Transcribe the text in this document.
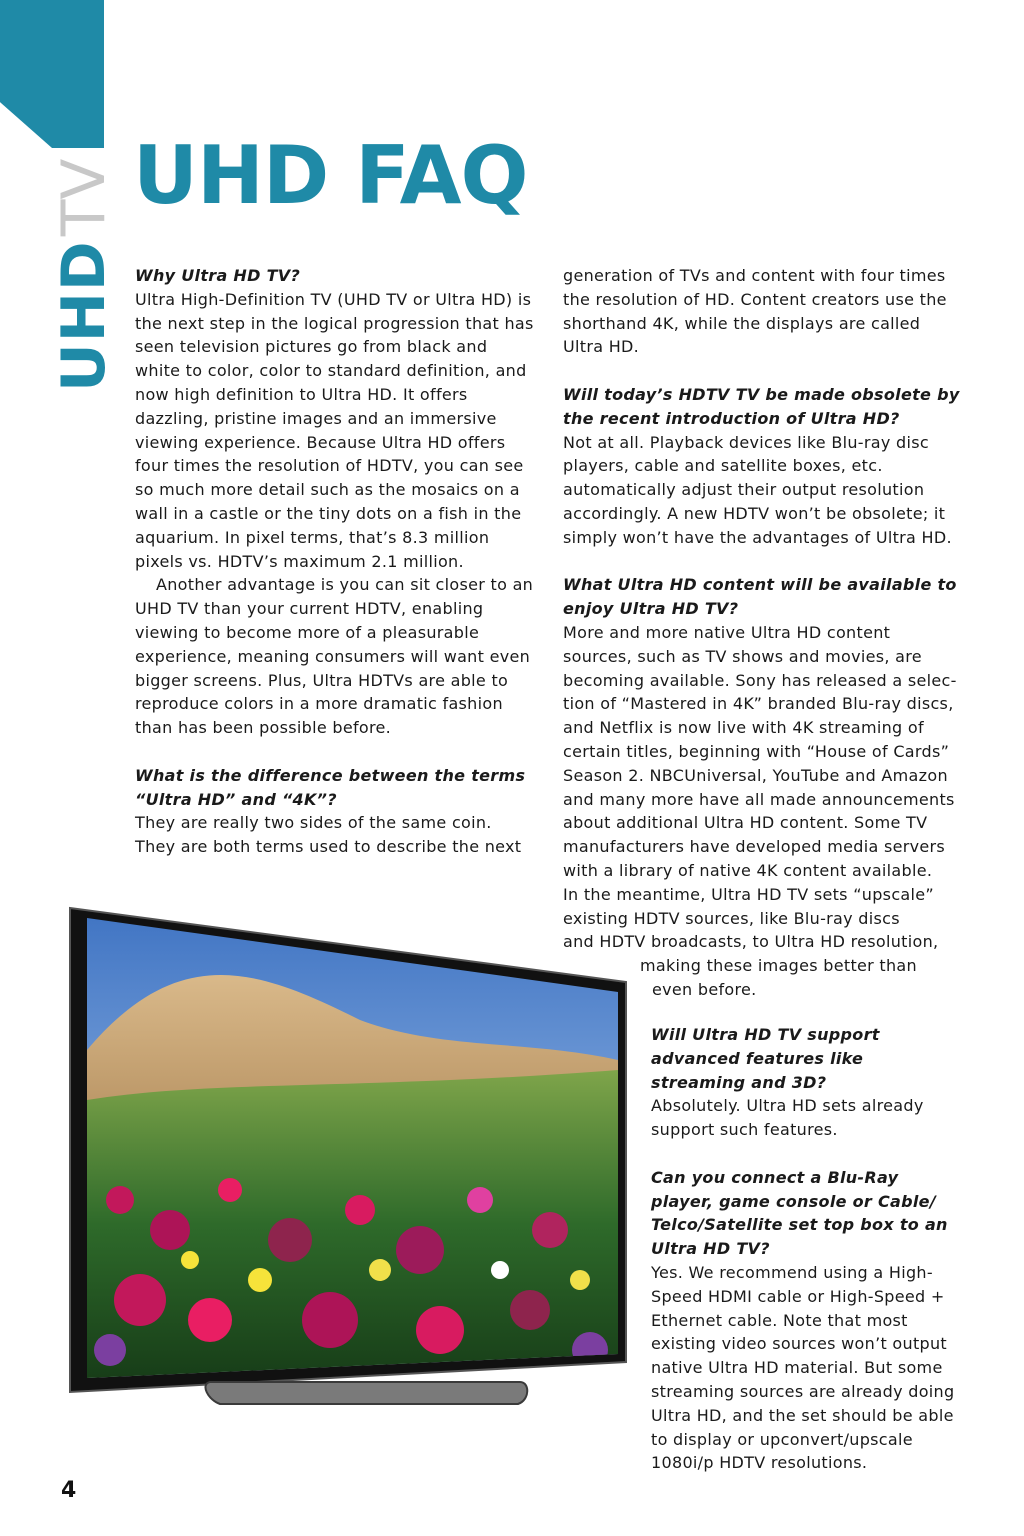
UHDTV UHD FAQ

Why Ultra HD TV?

Ultra High-Definition TV (UHD TV or Ultra HD) is the next step in the logical progression that has seen television pictures go from black and white to color, color to standard definition, and now high definition to Ultra HD. It offers dazzling, pristine images and an immersive viewing experience. Because Ultra HD offers four times the resolution of HDTV, you can see so much more detail such as the mosaics on a wall in a castle or the tiny dots on a fish in the aquarium. In pixel terms, that’s 8.3 million pixels vs. HDTV’s maximum 2.1 million.

Another advantage is you can sit closer to an UHD TV than your current HDTV, enabling viewing to become more of a pleasurable experience, meaning consumers will want even bigger screens. Plus, Ultra HDTVs are able to reproduce colors in a more dramatic fashion than has been possible before.

What is the difference between the terms “Ultra HD” and “4K”?

They are really two sides of the same coin. They are both terms used to describe the next

generation of TVs and content with four times the resolution of HD. Content creators use the shorthand 4K, while the displays are called Ultra HD.

Will today’s HDTV TV be made obsolete by the recent introduction of Ultra HD?

Not at all. Playback devices like Blu-ray disc players, cable and satellite boxes, etc. automatically adjust their output resolution accordingly. A new HDTV won’t be obsolete; it simply won’t have the advantages of Ultra HD.

What Ultra HD content will be available to enjoy Ultra HD TV?

More and more native Ultra HD content
sources, such as TV shows and movies, are
becoming available. Sony has released a selec-
tion of “Mastered in 4K” branded Blu-ray discs,
and Netflix is now live with 4K streaming of
certain titles, beginning with “House of Cards”
Season 2. NBCUniversal, YouTube and Amazon
and many more have all made announcements
about additional Ultra HD content. Some TV
manufacturers have developed media servers
with a library of native 4K content available.
In the meantime, Ultra HD TV sets “upscale”
existing HDTV sources, like Blu-ray discs
and HDTV broadcasts, to Ultra HD resolution,
making these images better than
even before.

Will Ultra HD TV support advanced features like streaming and 3D?

Absolutely. Ultra HD sets already support such features.

Can you connect a Blu-Ray player, game console or Cable/ Telco/Satellite set top box to an Ultra HD TV?

Yes. We recommend using a High-Speed HDMI cable or High-Speed + Ethernet cable. Note that most existing video sources won’t output native Ultra HD material. But some streaming sources are already doing Ultra HD, and the set should be able to display or upconvert/upscale 1080i/p HDTV resolutions.

4
